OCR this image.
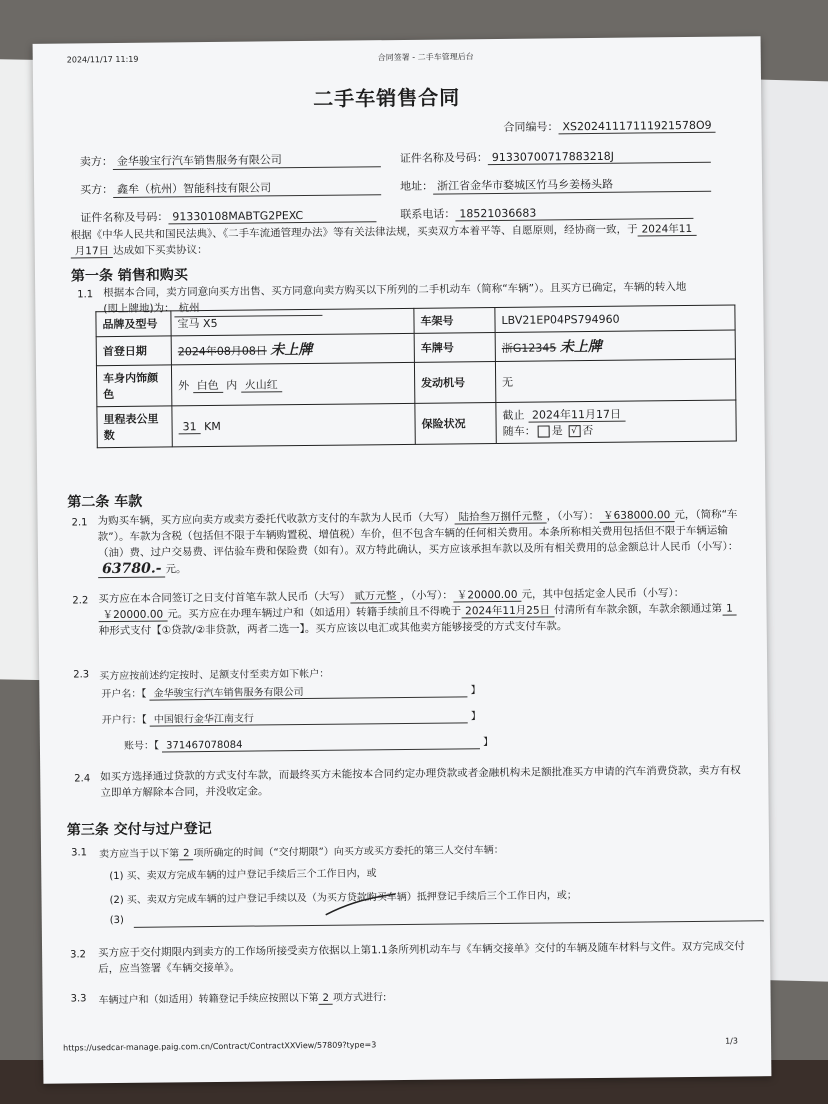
2024/11/17 11:19	合同签署 - 二手车管理后台
二手车销售合同
合同编号： XS20241117111921578O9
卖方： 金华骏宝行汽车销售服务有限公司	证件名称及号码： 91330700717883218J
买方： 鑫牟（杭州）智能科技有限公司	地址： 浙江省金华市婺城区竹马乡姜杨头路
证件名称及号码： 91330108MABTG2PEXC	联系电话： 18521036683
根据《中华人民共和国民法典》、《二手车流通管理办法》等有关法律法规，买卖双方本着平等、自愿原则，经协商一致，于 2024年11
月17日 达成如下买卖协议：
第一条 销售和购买
1.1 根据本合同，卖方同意向买方出售、买方同意向卖方购买以下所列的二手机动车（简称“车辆”）。且买方已确定，车辆的转入地
(即上牌地)为： 杭州
品牌及型号	宝马 X5	车架号	LBV21EP04PS794960
首登日期	2024年08月08日 未上牌	车牌号	浙G12345 未上牌
车身内饰颜色	外 白色 内 火山红	发动机号	无
里程表公里数	31 KM	保险状况	截止 2024年11月17日
随车： 是 √ 否
第二条 车款
2.1 为购买车辆，买方应向卖方或卖方委托代收款方支付的车款为人民币（大写） 陆拾叁万捌仟元整 ，（小写）： ￥638000.00 元，（简称“车款”）。车款为含税（包括但不限于车辆购置税、增值税）车价，但不包含车辆的任何相关费用。本条所称相关费用包括但不限于车辆运输（油）费、过户交易费、评估验车费和保险费（如有）。双方特此确认，买方应该承担车款以及所有相关费用的总金额总计人民币（小写）：63780.- 元。
2.2 买方应在本合同签订之日支付首笔车款人民币（大写） 贰万元整 ，（小写）： ￥20000.00 元，其中包括定金人民币（小写）：￥20000.00 元。买方应在办理车辆过户和（如适用）转籍手续前且不得晚于 2024年11月25日 付清所有车款余额，车款余额通过第 1种形式支付【①贷款/②非贷款，两者二选一】。买方应该以电汇或其他卖方能够接受的方式支付车款。
2.3 买方应按前述约定按时、足额支付至卖方如下帐户：
开户名：【 金华骏宝行汽车销售服务有限公司	】
开户行：【 中国银行金华江南支行	】
账号：【 371467078084	】
2.4 如买方选择通过贷款的方式支付车款，而最终买方未能按本合同约定办理贷款或者金融机构未足额批准买方申请的汽车消费贷款，卖方有权立即单方解除本合同，并没收定金。
第三条 交付与过户登记
3.1 卖方应当于以下第 2 项所确定的时间（“交付期限”）向买方或买方委托的第三人交付车辆：
(1) 买、卖双方完成车辆的过户登记手续后三个工作日内，或
(2) 买、卖双方完成车辆的过户登记手续以及（为买方贷款购买车辆）抵押登记手续后三个工作日内，或；
(3)
3.2 买方应于交付期限内到卖方的工作场所接受卖方依据以上第1.1条所列机动车与《车辆交接单》交付的车辆及随车材料与文件。双方完成交付后，应当签署《车辆交接单》。
3.3 车辆过户和（如适用）转籍登记手续应按照以下第 2 项方式进行:
https://usedcar-manage.paig.com.cn/Contract/ContractXXView/57809?type=3	1/3
